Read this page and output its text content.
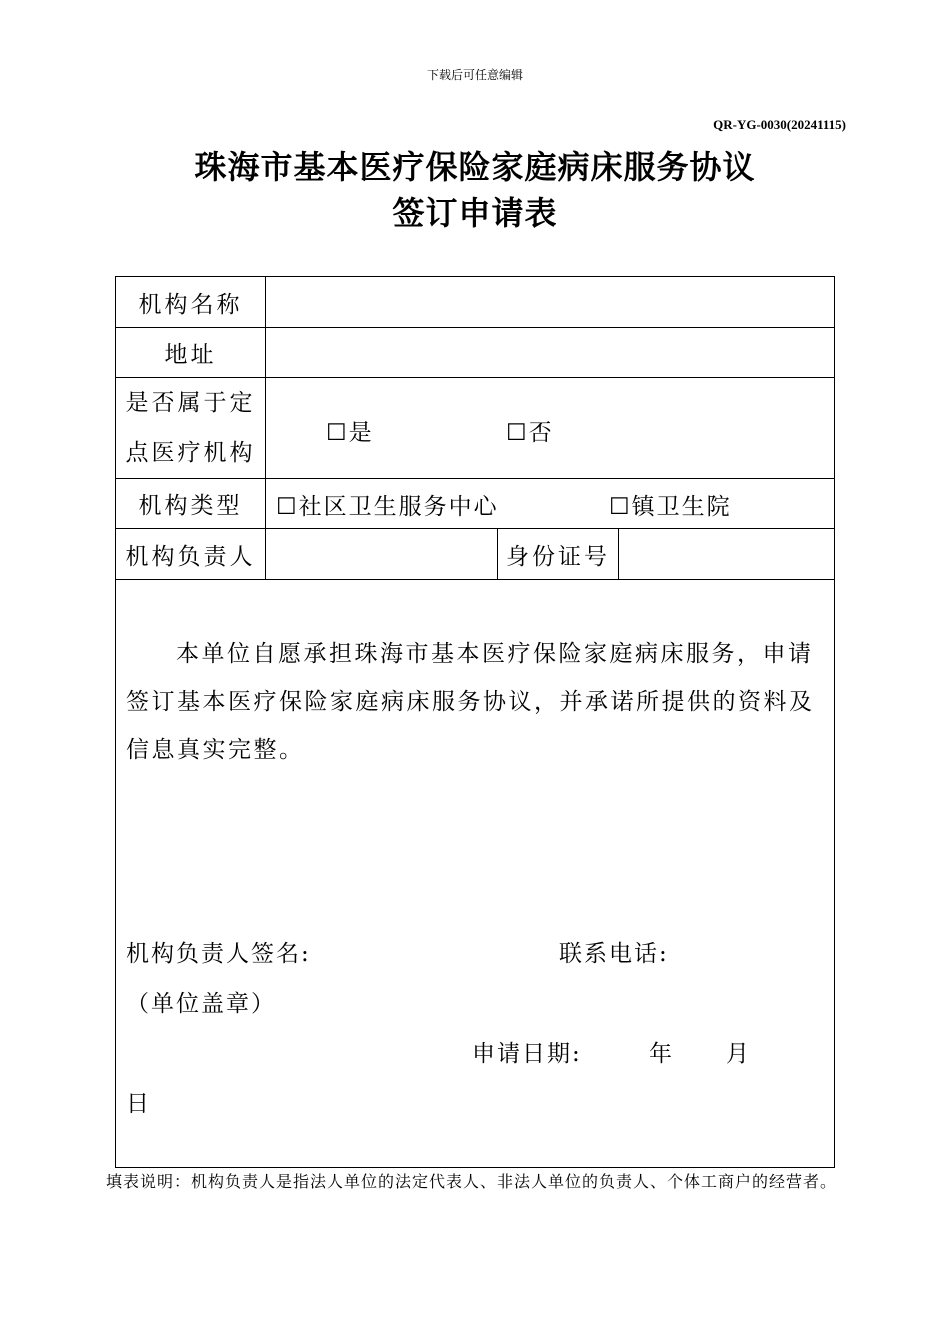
下载后可任意编辑
QR-YG-0030(20241115)
珠海市基本医疗保险家庭病床服务协议
签订申请表
机构名称
地址
是否属于定
点医疗机构
☐是	☐否
机构类型	☐社区卫生服务中心	☐镇卫生院
机构负责人	身份证号

本单位自愿承担珠海市基本医疗保险家庭病床服务，申请签订基本医疗保险家庭病床服务协议，并承诺所提供的资料及信息真实完整。

机构负责人签名:	联系电话:
（单位盖章）
申请日期:	年 月
日
填表说明：机构负责人是指法人单位的法定代表人、非法人单位的负责人、个体工商户的经营者。
